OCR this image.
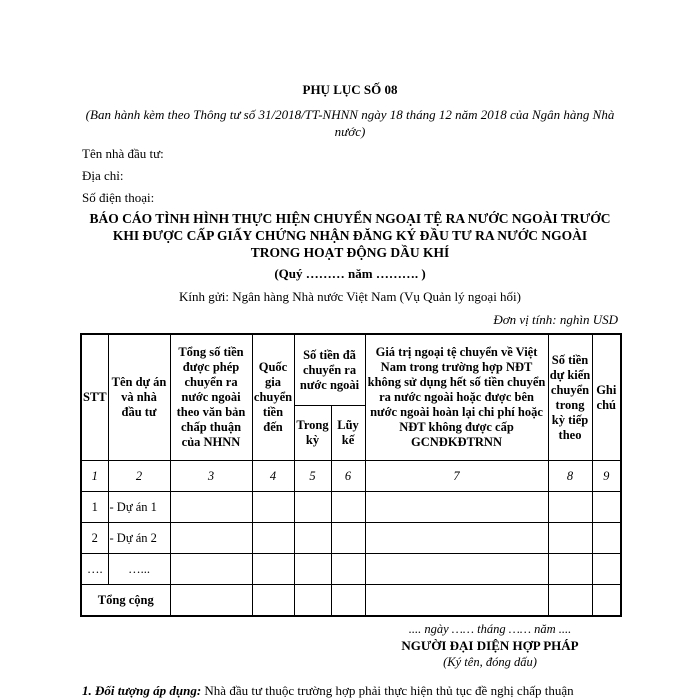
PHỤ LỤC SỐ 08
(Ban hành kèm theo Thông tư số 31/2018/TT-NHNN ngày 18 tháng 12 năm 2018 của Ngân hàng Nhà nước)
Tên nhà đầu tư:
Địa chỉ:
Số điện thoại:
BÁO CÁO TÌNH HÌNH THỰC HIỆN CHUYỂN NGOẠI TỆ RA NƯỚC NGOÀI TRƯỚC
KHI ĐƯỢC CẤP GIẤY CHỨNG NHẬN ĐĂNG KÝ ĐẦU TƯ RA NƯỚC NGOÀI
TRONG HOẠT ĐỘNG DẦU KHÍ
(Quý ……… năm ………. )
Kính gửi: Ngân hàng Nhà nước Việt Nam (Vụ Quản lý ngoại hối)
Đơn vị tính: nghìn USD
STT	Tên dự án và nhà đầu tư	Tổng số tiền được phép chuyển ra nước ngoài theo văn bản chấp thuận của NHNN	Quốc gia chuyển tiền đến	Số tiền đã chuyển ra nước ngoài		Giá trị ngoại tệ chuyển về Việt Nam trong trường hợp NĐT không sử dụng hết số tiền chuyển ra nước ngoài hoặc được bên nước ngoài hoàn lại chi phí hoặc NĐT không được cấp GCNĐKĐTRNN	Số tiền dự kiến chuyển trong kỳ tiếp theo	Ghi chú
				Trong kỳ	Lũy kế			
1	2	3	4	5	6	7	8	9
1	- Dự án 1							
2	- Dự án 2							
….	…...							
Tổng cộng								
.... ngày …… tháng …… năm ....
NGƯỜI ĐẠI DIỆN HỢP PHÁP
(Ký tên, đóng dấu)
1. Đối tượng áp dụng: Nhà đầu tư thuộc trường hợp phải thực hiện thủ tục đề nghị chấp thuận
